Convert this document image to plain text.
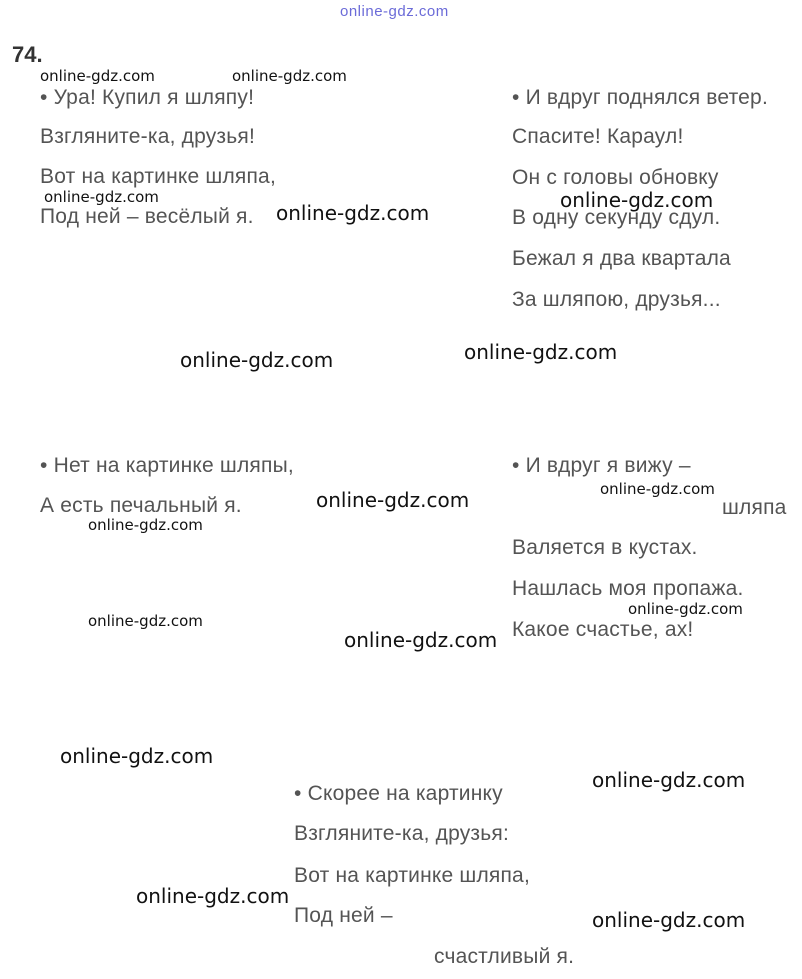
online-gdz.com
74.
• Ура! Купил я шляпу!
Взгляните-ка, друзья!
Вот на картинке шляпа,
Под ней – весёлый я.
• И вдруг поднялся ветер.
Спасите! Караул!
Он с головы обновку
В одну секунду сдул.
Бежал я два квартала
За шляпою, друзья...
• Нет на картинке шляпы,
А есть печальный я.
• И вдруг я вижу –
шляпа
Валяется в кустах.
Нашлась моя пропажа.
Какое счастье, ах!
• Скорее на картинку
Взгляните-ка, друзья:
Вот на картинке шляпа,
Под ней –
счастливый я.
online-gdz.com	online-gdz.com
online-gdz.com
online-gdz.com
online-gdz.com
online-gdz.com	online-gdz.com
online-gdz.com	online-gdz.com
online-gdz.com
online-gdz.com
online-gdz.com
online-gdz.com
online-gdz.com
online-gdz.com
online-gdz.com
online-gdz.com
